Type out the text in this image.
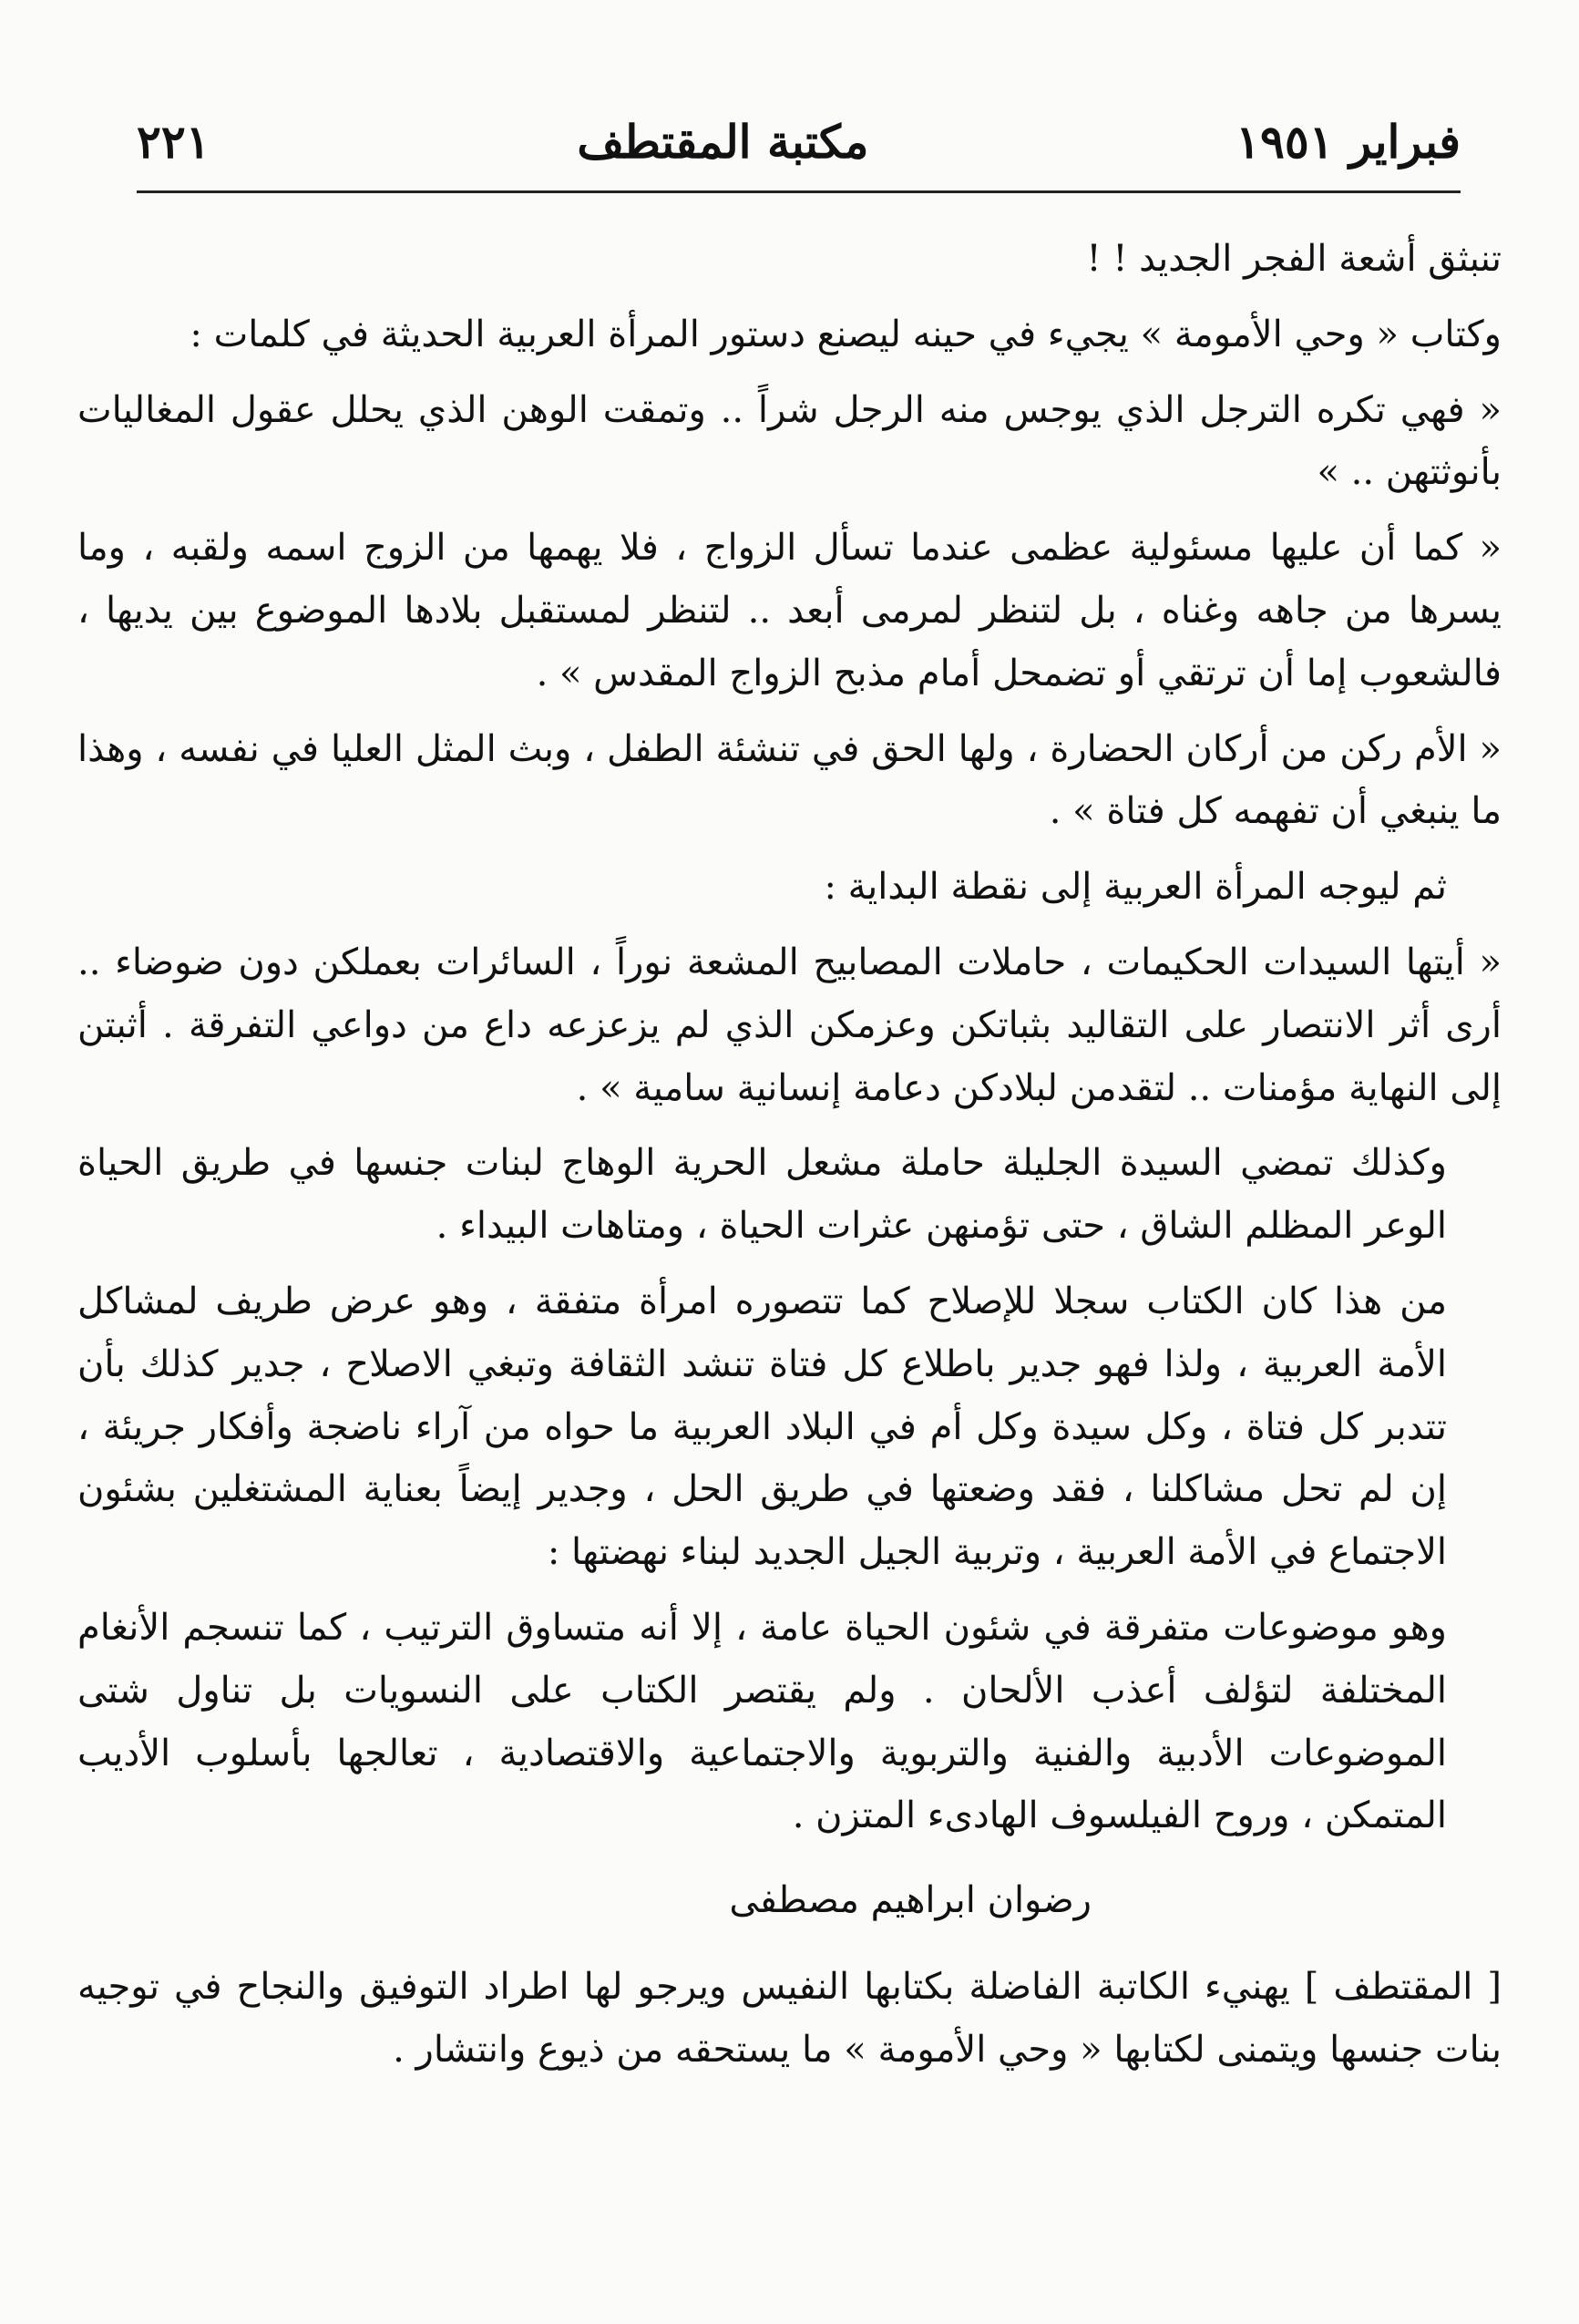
فبراير ١٩٥١
مكتبة المقتطف
٢٢١

تنبثق أشعة الفجر الجديد ! !

وكتاب « وحي الأمومة » يجيء في حينه ليصنع دستور المرأة العربية الحديثة في كلمات :

« فهي تكره الترجل الذي يوجس منه الرجل شراً .. وتمقت الوهن الذي يحلل عقول المغاليات بأنوثتهن .. »

« كما أن عليها مسئولية عظمى عندما تسأل الزواج ، فلا يهمها من الزوج اسمه ولقبه ، وما يسرها من جاهه وغناه ، بل لتنظر لمرمى أبعد .. لتنظر لمستقبل بلادها الموضوع بين يديها ، فالشعوب إما أن ترتقي أو تضمحل أمام مذبح الزواج المقدس » .

« الأم ركن من أركان الحضارة ، ولها الحق في تنشئة الطفل ، وبث المثل العليا في نفسه ، وهذا ما ينبغي أن تفهمه كل فتاة » .

ثم ليوجه المرأة العربية إلى نقطة البداية :

« أيتها السيدات الحكيمات ، حاملات المصابيح المشعة نوراً ، السائرات بعملكن دون ضوضاء .. أرى أثر الانتصار على التقاليد بثباتكن وعزمكن الذي لم يزعزعه داع من دواعي التفرقة . أثبتن إلى النهاية مؤمنات .. لتقدمن لبلادكن دعامة إنسانية سامية » .

وكذلك تمضي السيدة الجليلة حاملة مشعل الحرية الوهاج لبنات جنسها في طريق الحياة الوعر المظلم الشاق ، حتى تؤمنهن عثرات الحياة ، ومتاهات البيداء .

من هذا كان الكتاب سجلا للإصلاح كما تتصوره امرأة متفقة ، وهو عرض طريف لمشاكل الأمة العربية ، ولذا فهو جدير باطلاع كل فتاة تنشد الثقافة وتبغي الاصلاح ، جدير كذلك بأن تتدبر كل فتاة ، وكل سيدة وكل أم في البلاد العربية ما حواه من آراء ناضجة وأفكار جريئة ، إن لم تحل مشاكلنا ، فقد وضعتها في طريق الحل ، وجدير إيضاً بعناية المشتغلين بشئون الاجتماع في الأمة العربية ، وتربية الجيل الجديد لبناء نهضتها :

وهو موضوعات متفرقة في شئون الحياة عامة ، إلا أنه متساوق الترتيب ، كما تنسجم الأنغام المختلفة لتؤلف أعذب الألحان . ولم يقتصر الكتاب على النسويات بل تناول شتى الموضوعات الأدبية والفنية والتربوية والاجتماعية والاقتصادية ، تعالجها بأسلوب الأديب المتمكن ، وروح الفيلسوف الهادىء المتزن .

رضوان ابراهيم مصطفى

[ المقتطف ] يهنيء الكاتبة الفاضلة بكتابها النفيس ويرجو لها اطراد التوفيق والنجاح في توجيه بنات جنسها ويتمنى لكتابها « وحي الأمومة » ما يستحقه من ذيوع وانتشار .
